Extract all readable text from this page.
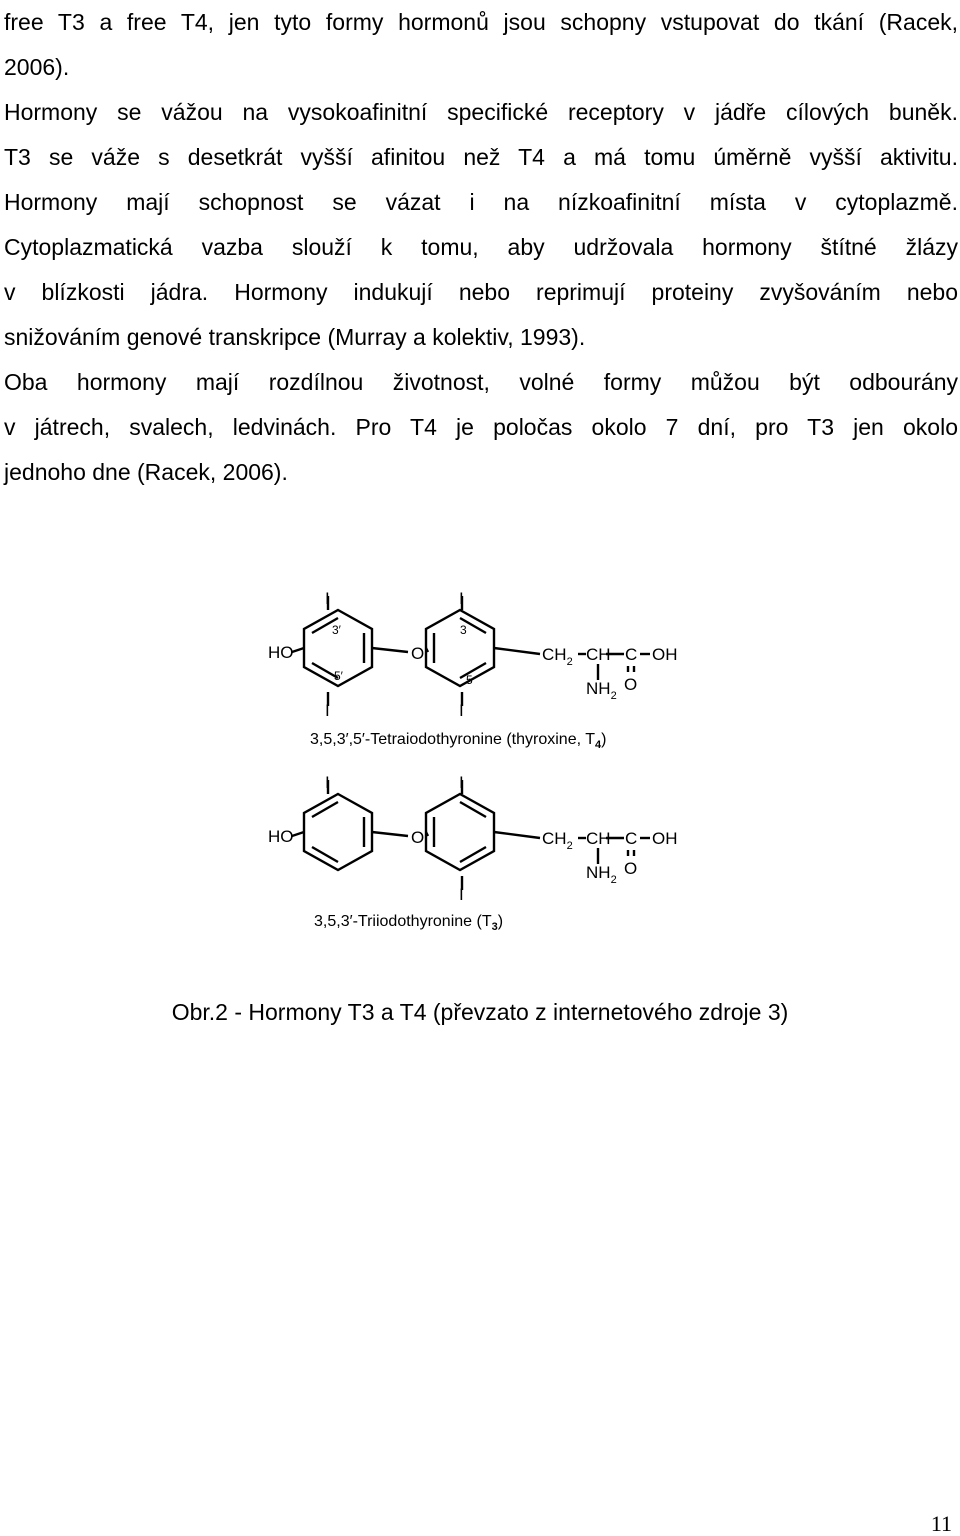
free T3 a free T4, jen tyto formy hormonů jsou schopny vstupovat do tkání (Racek,
2006).
Hormony se vážou na vysokoafinitní specifické receptory v jádře cílových buněk.
T3 se váže s desetkrát vyšší afinitou než T4 a má tomu úměrně vyšší aktivitu.
Hormony mají schopnost se vázat i na nízkoafinitní místa v cytoplazmě.
Cytoplazmatická vazba slouží k tomu, aby udržovala hormony štítné žlázy
v blízkosti jádra. Hormony indukují nebo reprimují proteiny zvyšováním nebo
snižováním genové transkripce (Murray a kolektiv, 1993).
Oba hormony mají rozdílnou životnost, volné formy můžou být odbourány
v játrech, svalech, ledvinách. Pro T4 je poločas okolo 7 dní, pro T3 jen okolo
jednoho dne (Racek, 2006).
I
I
I
I
3′
5′
3
5
HO	O	$CH_2$ CH C OH
O
$NH_2$
3,5,3′,5′-Tetraiodothyronine (thyroxine, $T_4$)
I	I
I
HO	O	$CH_2$ CH C OH
O
$NH_2$
3,5,3′-Triiodothyronine $(T_3)$
Obr.2 - Hormony T3 a T4 (převzato z internetového zdroje 3)
11
